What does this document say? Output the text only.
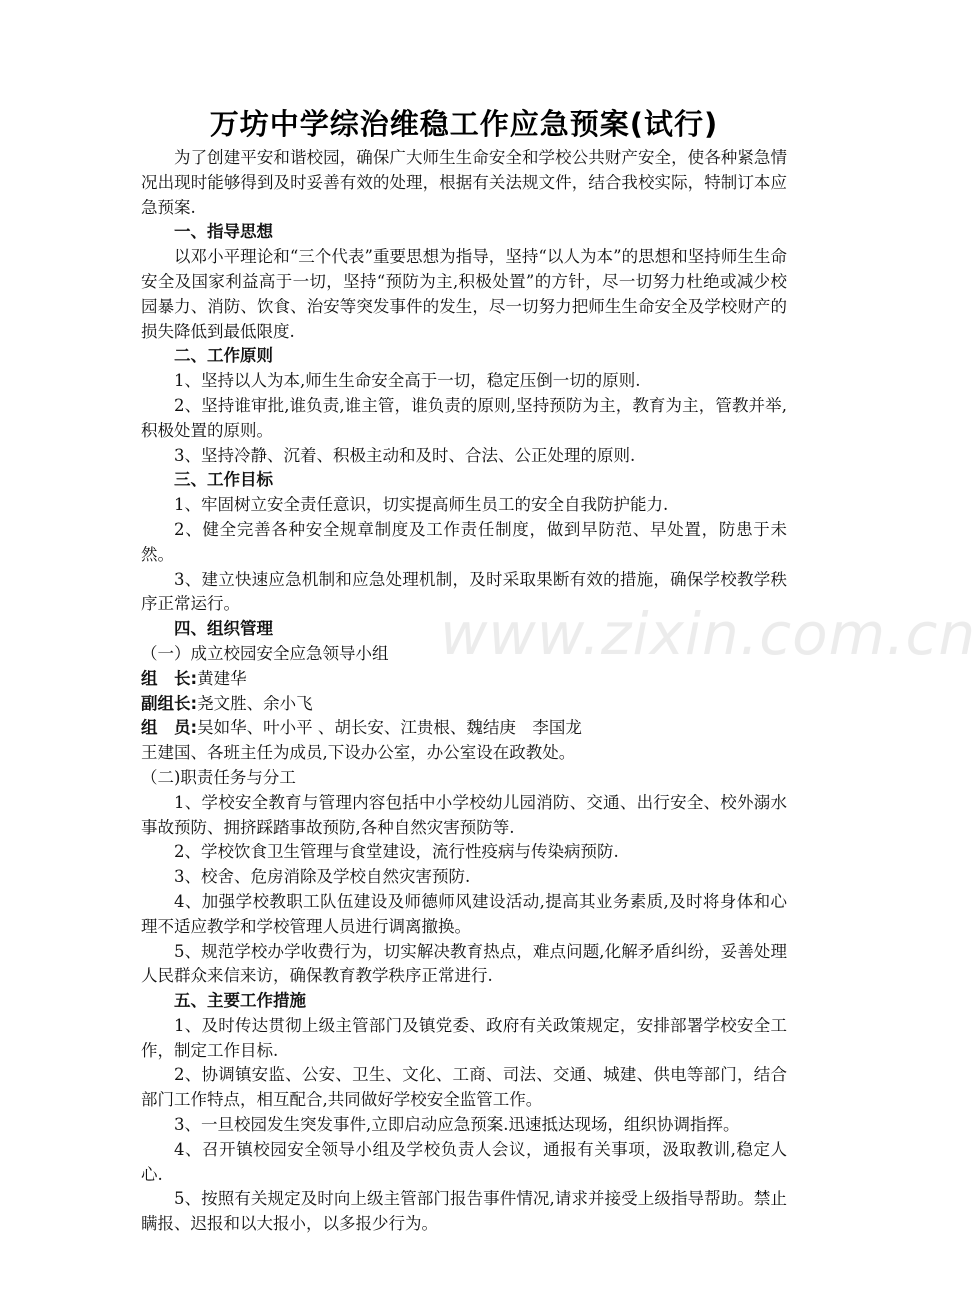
万坊中学综治维稳工作应急预案(试行)

为了创建平安和谐校园，确保广大师生生命安全和学校公共财产安全，使各种紧急情况出现时能够得到及时妥善有效的处理，根据有关法规文件，结合我校实际，特制订本应急预案.

一、指导思想

以邓小平理论和“三个代表”重要思想为指导，坚持“以人为本”的思想和坚持师生生命安全及国家利益高于一切，坚持“预防为主,积极处置”的方针，尽一切努力杜绝或减少校园暴力、消防、饮食、治安等突发事件的发生，尽一切努力把师生生命安全及学校财产的损失降低到最低限度.

二、工作原则

1、坚持以人为本,师生生命安全高于一切，稳定压倒一切的原则.

2、坚持谁审批,谁负责,谁主管，谁负责的原则,坚持预防为主，教育为主，管教并举,积极处置的原则。

3、坚持冷静、沉着、积极主动和及时、合法、公正处理的原则.

三、工作目标

1、牢固树立安全责任意识，切实提高师生员工的安全自我防护能力.

2、健全完善各种安全规章制度及工作责任制度，做到早防范、早处置，防患于未然。

3、建立快速应急机制和应急处理机制，及时采取果断有效的措施，确保学校教学秩序正常运行。

四、组织管理

（一）成立校园安全应急领导小组

组　长:黄建华

副组长:尧文胜、余小飞

组　员:吴如华、叶小平 、胡长安、江贵根、魏结庚　李国龙

王建国、各班主任为成员,下设办公室，办公室设在政教处。

（二)职责任务与分工

1、学校安全教育与管理内容包括中小学校幼儿园消防、交通、出行安全、校外溺水事故预防、拥挤踩踏事故预防,各种自然灾害预防等.

2、学校饮食卫生管理与食堂建设，流行性疫病与传染病预防.

3、校舍、危房消除及学校自然灾害预防.

4、加强学校教职工队伍建设及师德师风建设活动,提高其业务素质,及时将身体和心理不适应教学和学校管理人员进行调离撤换。

5、规范学校办学收费行为，切实解决教育热点，难点问题,化解矛盾纠纷，妥善处理人民群众来信来访，确保教育教学秩序正常进行.

五、主要工作措施

1、及时传达贯彻上级主管部门及镇党委、政府有关政策规定，安排部署学校安全工作，制定工作目标.

2、协调镇安监、公安、卫生、文化、工商、司法、交通、城建、供电等部门，结合部门工作特点，相互配合,共同做好学校安全监管工作。

3、一旦校园发生突发事件,立即启动应急预案.迅速抵达现场，组织协调指挥。

4、召开镇校园安全领导小组及学校负责人会议，通报有关事项，汲取教训,稳定人心.

5、按照有关规定及时向上级主管部门报告事件情况,请求并接受上级指导帮助。禁止瞒报、迟报和以大报小，以多报少行为。

www.zixin.com.cn
